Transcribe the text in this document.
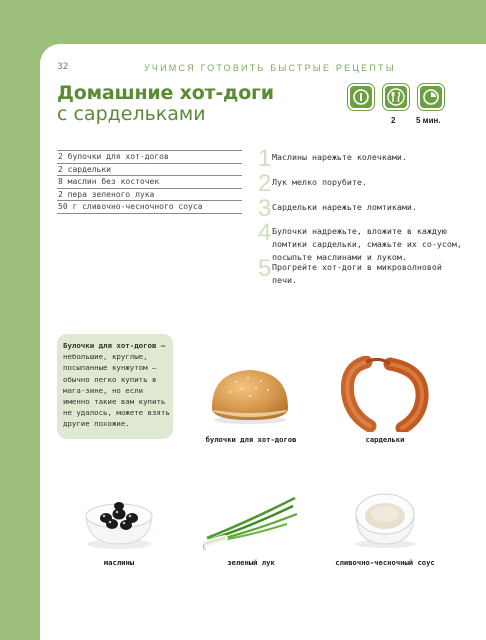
32	УЧИМСЯ ГОТОВИТЬ БЫСТРЫЕ РЕЦЕПТЫ
Домашние хот-доги
с сардельками	2	5 мин.
2 булочки для хот-догов
2 сардельки
8 маслин без косточек
2 пера зеленого лука
50 г сливочно-чесночного соуса
1 Маслины нарежьте колечками.
2 Лук мелко порубите.
3 Сардельки нарежьте ломтиками.
4 Булочки надрежьте, вложите в каждую ломтики сардельки, смажьте их со-усом, посыпьте маслинами и луком.
5 Прогрейте хот-доги в микроволновой печи.
Булочки для хот-догов — небольшие, круглые, посыпанные кунжутом — обычно легко купить в мага-зине, но если именно такие вам купить не удалось, можете взять другие похожие.
булочки для хот-догов	сардельки
маслины	зеленый лук	сливочно-чесночный соус
